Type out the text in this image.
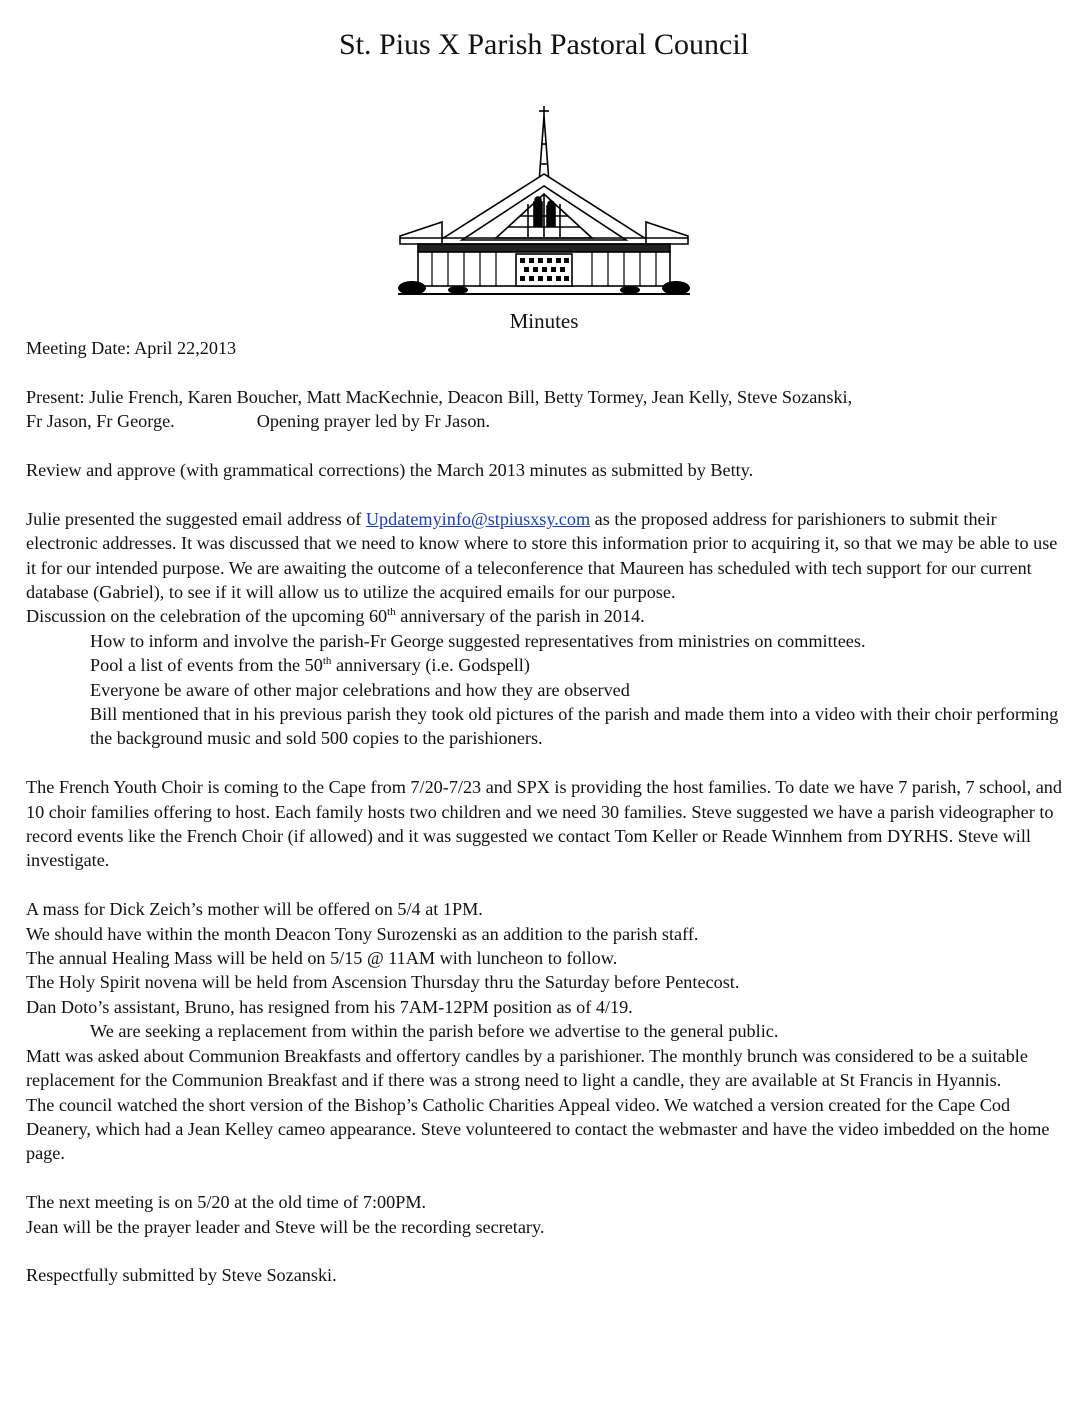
St. Pius X Parish Pastoral Council
Minutes

Meeting Date: April 22,2013

Present: Julie French, Karen Boucher, Matt MacKechnie, Deacon Bill, Betty Tormey, Jean Kelly, Steve Sozanski,

Fr Jason, Fr George.	Opening prayer led by Fr Jason.

Review and approve (with grammatical corrections) the March 2013 minutes as submitted by Betty.

Julie presented the suggested email address of Updatemyinfo@stpiusxsy.com as the proposed address for parishioners to submit their electronic addresses. It was discussed that we need to know where to store this information prior to acquiring it, so that we may be able to use it for our intended purpose. We are awaiting the outcome of a teleconference that Maureen has scheduled with tech support for our current database (Gabriel), to see if it will allow us to utilize the acquired emails for our purpose.

Discussion on the celebration of the upcoming 60th anniversary of the parish in 2014.

How to inform and involve the parish-Fr George suggested representatives from ministries on committees.

Pool a list of events from the 50th anniversary (i.e. Godspell)

Everyone be aware of other major celebrations and how they are observed

Bill mentioned that in his previous parish they took old pictures of the parish and made them into a video with their choir performing the background music and sold 500 copies to the parishioners.

The French Youth Choir is coming to the Cape from 7/20-7/23 and SPX is providing the host families. To date we have 7 parish, 7 school, and 10 choir families offering to host. Each family hosts two children and we need 30 families. Steve suggested we have a parish videographer to record events like the French Choir (if allowed) and it was suggested we contact Tom Keller or Reade Winnhem from DYRHS. Steve will investigate.

A mass for Dick Zeich’s mother will be offered on 5/4 at 1PM.

We should have within the month Deacon Tony Surozenski as an addition to the parish staff.

The annual Healing Mass will be held on 5/15 @ 11AM with luncheon to follow.

The Holy Spirit novena will be held from Ascension Thursday thru the Saturday before Pentecost.

Dan Doto’s assistant, Bruno, has resigned from his 7AM-12PM position as of 4/19.

We are seeking a replacement from within the parish before we advertise to the general public.

Matt was asked about Communion Breakfasts and offertory candles by a parishioner. The monthly brunch was considered to be a suitable replacement for the Communion Breakfast and if there was a strong need to light a candle, they are available at St Francis in Hyannis.

The council watched the short version of the Bishop’s Catholic Charities Appeal video. We watched a version created for the Cape Cod Deanery, which had a Jean Kelley cameo appearance. Steve volunteered to contact the webmaster and have the video imbedded on the home page.

The next meeting is on 5/20 at the old time of 7:00PM.

Jean will be the prayer leader and Steve will be the recording secretary.

Respectfully submitted by Steve Sozanski.
